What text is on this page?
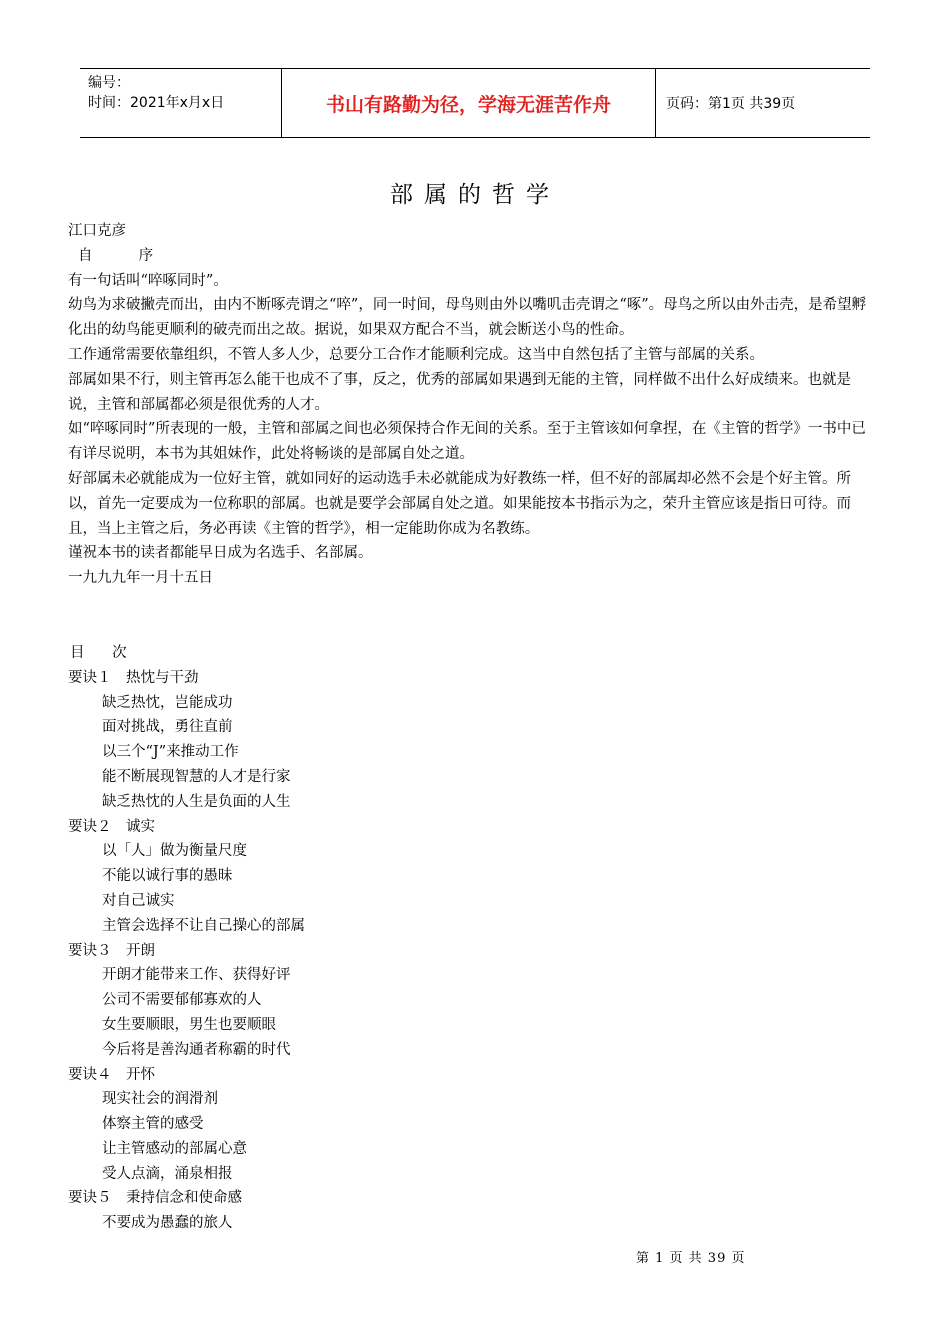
编号：
时间：2021年x月x日	书山有路勤为径，学海无涯苦作舟	页码：第1页 共39页
部属的哲学

江口克彦

自          序

有一句话叫“啐啄同时”。

幼鸟为求破撇壳而出，由内不断啄壳谓之“啐”，同一时间，母鸟则由外以嘴叽击壳谓之“啄”。母鸟之所以由外击壳，是希望孵化出的幼鸟能更顺利的破壳而出之故。据说，如果双方配合不当，就会断送小鸟的性命。

工作通常需要依靠组织，不管人多人少，总要分工合作才能顺利完成。这当中自然包括了主管与部属的关系。

部属如果不行，则主管再怎么能干也成不了事，反之，优秀的部属如果遇到无能的主管，同样做不出什么好成绩来。也就是说，主管和部属都必须是很优秀的人才。

如“啐啄同时”所表现的一般，主管和部属之间也必须保持合作无间的关系。至于主管该如何拿捏，在《主管的哲学》一书中已有详尽说明，本书为其姐妹作，此处将畅谈的是部属自处之道。

好部属未必就能成为一位好主管，就如同好的运动选手未必就能成为好教练一样，但不好的部属却必然不会是个好主管。所以，首先一定要成为一位称职的部属。也就是要学会部属自处之道。如果能按本书指示为之，荣升主管应该是指日可待。而且，当上主管之后，务必再读《主管的哲学》，相一定能助你成为名教练。

谨祝本书的读者都能早日成为名选手、名部属。

一九九九年一月十五日

目      次

要诀１　热忱与干劲

缺乏热忱，岂能成功

面对挑战，勇往直前

以三个“J”来推动工作

能不断展现智慧的人才是行家

缺乏热忱的人生是负面的人生

要诀２　诚实

以「人」做为衡量尺度

不能以诚行事的愚昧

对自己诚实

主管会选择不让自己操心的部属

要诀３　开朗

开朗才能带来工作、获得好评

公司不需要郁郁寡欢的人

女生要顺眼，男生也要顺眼

今后将是善沟通者称霸的时代

要诀４　开怀

现实社会的润滑剂

体察主管的感受

让主管感动的部属心意

受人点滴，涌泉相报

要诀５　秉持信念和使命感

不要成为愚蠢的旅人

第 1 页 共 39 页
